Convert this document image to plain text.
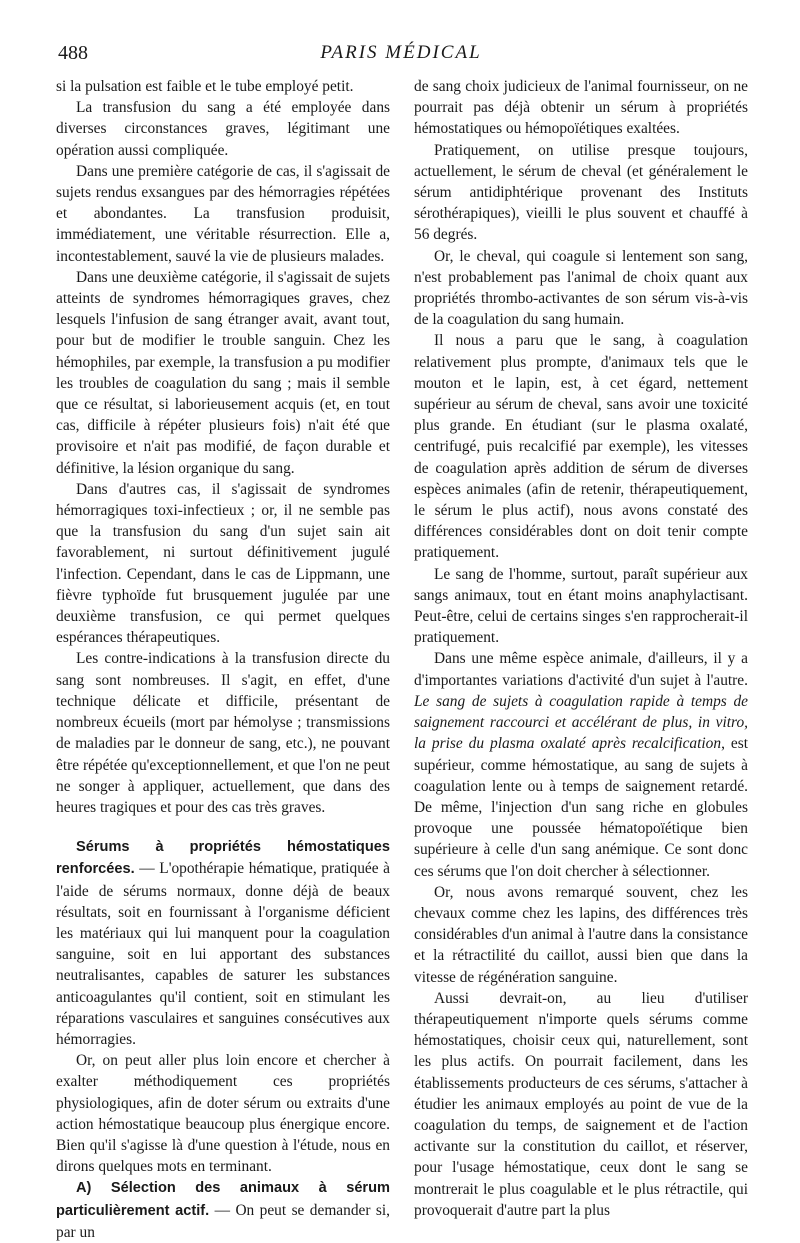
488	PARIS MÉDICAL

si la pulsation est faible et le tube employé petit.

La transfusion du sang a été employée dans diverses circonstances graves, légitimant une opération aussi compliquée.

Dans une première catégorie de cas, il s'agissait de sujets rendus exsangues par des hémorragies répétées et abondantes. La transfusion produisit, immédiatement, une véritable résurrection. Elle a, incontestablement, sauvé la vie de plusieurs malades.

Dans une deuxième catégorie, il s'agissait de sujets atteints de syndromes hémorragiques graves, chez lesquels l'infusion de sang étranger avait, avant tout, pour but de modifier le trouble sanguin. Chez les hémophiles, par exemple, la transfusion a pu modifier les troubles de coagulation du sang ; mais il semble que ce résultat, si laborieusement acquis (et, en tout cas, difficile à répéter plusieurs fois) n'ait été que provisoire et n'ait pas modifié, de façon durable et définitive, la lésion organique du sang.

Dans d'autres cas, il s'agissait de syndromes hémorragiques toxi-infectieux ; or, il ne semble pas que la transfusion du sang d'un sujet sain ait favorablement, ni surtout définitivement jugulé l'infection. Cependant, dans le cas de Lippmann, une fièvre typhoïde fut brusquement jugulée par une deuxième transfusion, ce qui permet quelques espérances thérapeutiques.

Les contre-indications à la transfusion directe du sang sont nombreuses. Il s'agit, en effet, d'une technique délicate et difficile, présentant de nombreux écueils (mort par hémolyse ; transmissions de maladies par le donneur de sang, etc.), ne pouvant être répétée qu'exceptionnellement, et que l'on ne peut ne songer à appliquer, actuellement, que dans des heures tragiques et pour des cas très graves.

Sérums à propriétés hémostatiques renforcées. — L'opothérapie hématique, pratiquée à l'aide de sérums normaux, donne déjà de beaux résultats, soit en fournissant à l'organisme déficient les matériaux qui lui manquent pour la coagulation sanguine, soit en lui apportant des substances neutralisantes, capables de saturer les substances anticoagulantes qu'il contient, soit en stimulant les réparations vasculaires et sanguines consécutives aux hémorragies.

Or, on peut aller plus loin encore et chercher à exalter méthodiquement ces propriétés physiologiques, afin de doter sérum ou extraits d'une action hémostatique beaucoup plus énergique encore. Bien qu'il s'agisse là d'une question à l'étude, nous en dirons quelques mots en terminant.

A) Sélection des animaux à sérum particulièrement actif. — On peut se demander si, par un

de sang choix judicieux de l'animal fournisseur, on ne pourrait pas déjà obtenir un sérum à propriétés hémostatiques ou hémopoïétiques exaltées.

Pratiquement, on utilise presque toujours, actuellement, le sérum de cheval (et généralement le sérum antidiphtérique provenant des Instituts sérothérapiques), vieilli le plus souvent et chauffé à 56 degrés.

Or, le cheval, qui coagule si lentement son sang, n'est probablement pas l'animal de choix quant aux propriétés thrombo-activantes de son sérum vis-à-vis de la coagulation du sang humain.

Il nous a paru que le sang, à coagulation relativement plus prompte, d'animaux tels que le mouton et le lapin, est, à cet égard, nettement supérieur au sérum de cheval, sans avoir une toxicité plus grande. En étudiant (sur le plasma oxalaté, centrifugé, puis recalcifié par exemple), les vitesses de coagulation après addition de sérum de diverses espèces animales (afin de retenir, thérapeutiquement, le sérum le plus actif), nous avons constaté des différences considérables dont on doit tenir compte pratiquement.

Le sang de l'homme, surtout, paraît supérieur aux sangs animaux, tout en étant moins anaphylactisant. Peut-être, celui de certains singes s'en rapprocherait-il pratiquement.

Dans une même espèce animale, d'ailleurs, il y a d'importantes variations d'activité d'un sujet à l'autre. Le sang de sujets à coagulation rapide à temps de saignement raccourci et accélérant de plus, in vitro, la prise du plasma oxalaté après recalcification, est supérieur, comme hémostatique, au sang de sujets à coagulation lente ou à temps de saignement retardé. De même, l'injection d'un sang riche en globules provoque une poussée hématopoïétique bien supérieure à celle d'un sang anémique. Ce sont donc ces sérums que l'on doit chercher à sélectionner.

Or, nous avons remarqué souvent, chez les chevaux comme chez les lapins, des différences très considérables d'un animal à l'autre dans la consistance et la rétractilité du caillot, aussi bien que dans la vitesse de régénération sanguine.

Aussi devrait-on, au lieu d'utiliser thérapeutiquement n'importe quels sérums comme hémostatiques, choisir ceux qui, naturellement, sont les plus actifs. On pourrait facilement, dans les établissements producteurs de ces sérums, s'attacher à étudier les animaux employés au point de vue de la coagulation du temps, de saignement et de l'action activante sur la constitution du caillot, et réserver, pour l'usage hémostatique, ceux dont le sang se montrerait le plus coagulable et le plus rétractile, qui provoquerait d'autre part la plus
